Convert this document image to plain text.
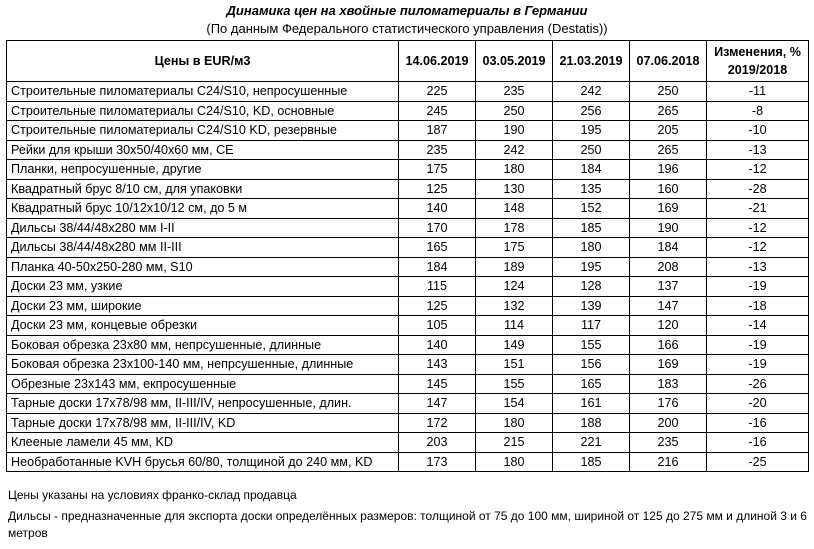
Динамика цен на хвойные пиломатериалы в Германии
(По данным Федерального статистического управления (Destatis))
Цены в EUR/м3	14.06.2019	03.05.2019	21.03.2019	07.06.2018	Изменения, %
2019/2018
Строительные пиломатериалы C24/S10, непросушенные	225	235	242	250	-11
Строительные пиломатериалы C24/S10, KD, основные	245	250	256	265	-8
Строительные пиломатериалы C24/S10 KD, резервные	187	190	195	205	-10
Рейки для крыши 30x50/40x60 мм, CE	235	242	250	265	-13
Планки, непросушенные, другие	175	180	184	196	-12
Квадратный брус 8/10 см, для упаковки	125	130	135	160	-28
Квадратный брус 10/12x10/12 см, до 5 м	140	148	152	169	-21
Дильсы 38/44/48x280 мм I-II	170	178	185	190	-12
Дильсы 38/44/48x280 мм II-III	165	175	180	184	-12
Планка 40-50x250-280 мм, S10	184	189	195	208	-13
Доски 23 мм, узкие	115	124	128	137	-19
Доски 23 мм, широкие	125	132	139	147	-18
Доски 23 мм, концевые обрезки	105	114	117	120	-14
Боковая обрезка 23x80 мм, непрсушенные, длинные	140	149	155	166	-19
Боковая обрезка 23x100-140 мм, непрсушенные, длинные	143	151	156	169	-19
Обрезные 23x143 мм, екпросушенные	145	155	165	183	-26
Тарные доски 17x78/98 мм, II-III/IV, непросушенные, длин.	147	154	161	176	-20
Тарные доски 17x78/98 мм, II-III/IV, KD	172	180	188	200	-16
Клееные ламели 45 мм, KD	203	215	221	235	-16
Необработанные KVH брусья 60/80, толщиной до 240 мм, KD	173	180	185	216	-25
Цены указаны на условиях франко-склад продавца
Дильсы - предназначенные для экспорта доски определённых размеров: толщиной от 75 до 100 мм, шириной от 125 до 275 мм и длиной 3 и 6 метров
